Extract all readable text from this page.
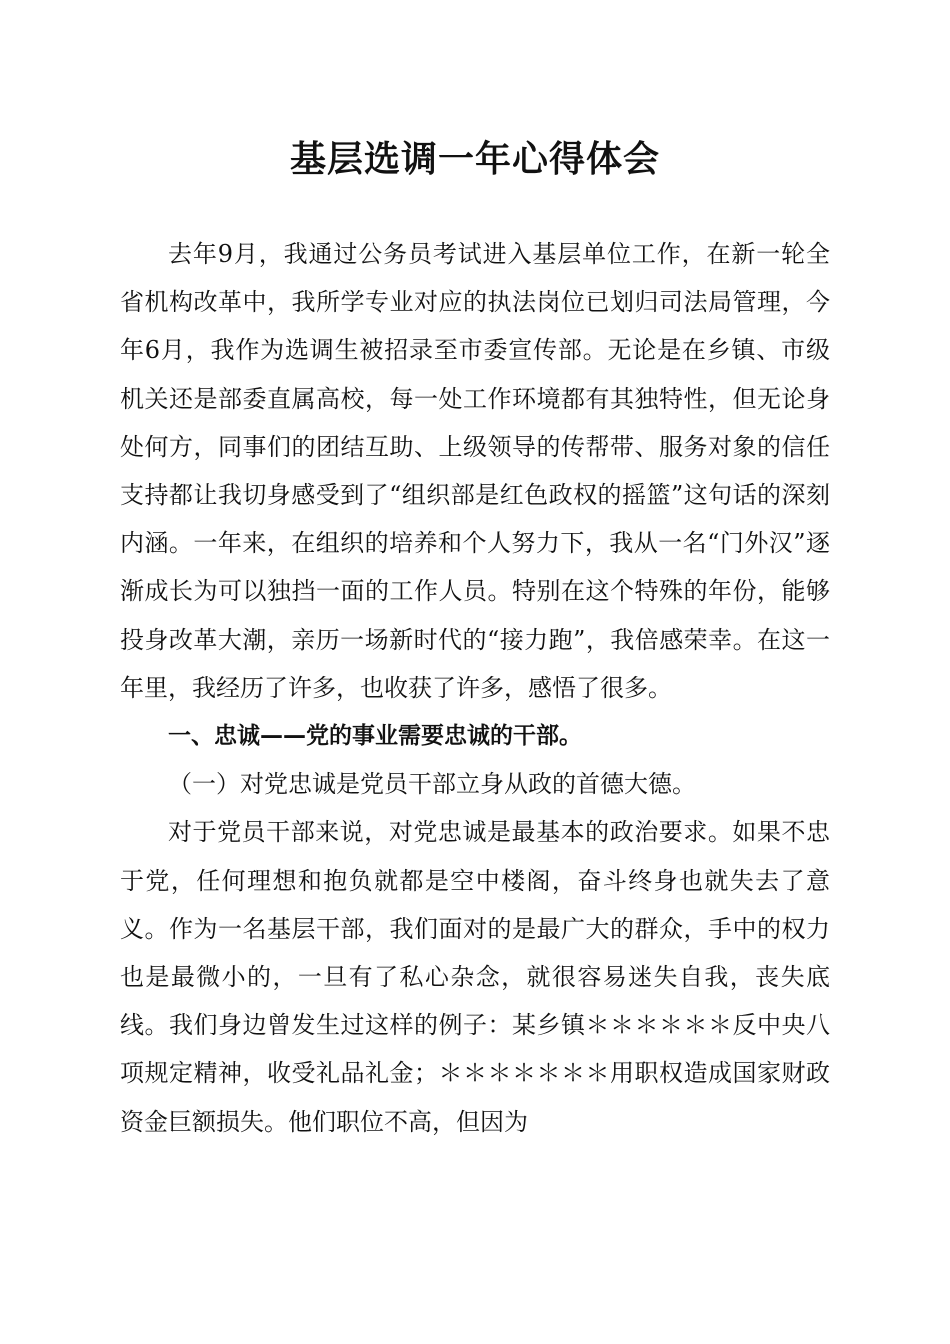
基层选调一年心得体会

去年9月，我通过公务员考试进入基层单位工作，在新一轮全省机构改革中，我所学专业对应的执法岗位已划归司法局管理，今年6月，我作为选调生被招录至市委宣传部。无论是在乡镇、市级机关还是部委直属高校，每一处工作环境都有其独特性，但无论身处何方，同事们的团结互助、上级领导的传帮带、服务对象的信任支持都让我切身感受到了“组织部是红色政权的摇篮”这句话的深刻内涵。一年来，在组织的培养和个人努力下，我从一名“门外汉”逐渐成长为可以独挡一面的工作人员。特别在这个特殊的年份，能够投身改革大潮，亲历一场新时代的“接力跑”，我倍感荣幸。在这一年里，我经历了许多，也收获了许多，感悟了很多。

一、忠诚——党的事业需要忠诚的干部。

（一）对党忠诚是党员干部立身从政的首德大德。

对于党员干部来说，对党忠诚是最基本的政治要求。如果不忠于党，任何理想和抱负就都是空中楼阁，奋斗终身也就失去了意义。作为一名基层干部，我们面对的是最广大的群众，手中的权力也是最微小的，一旦有了私心杂念，就很容易迷失自我，丧失底线。我们身边曾发生过这样的例子：某乡镇＊＊＊＊＊＊反中央八项规定精神，收受礼品礼金；＊＊＊＊＊＊＊用职权造成国家财政资金巨额损失。他们职位不高，但因为
